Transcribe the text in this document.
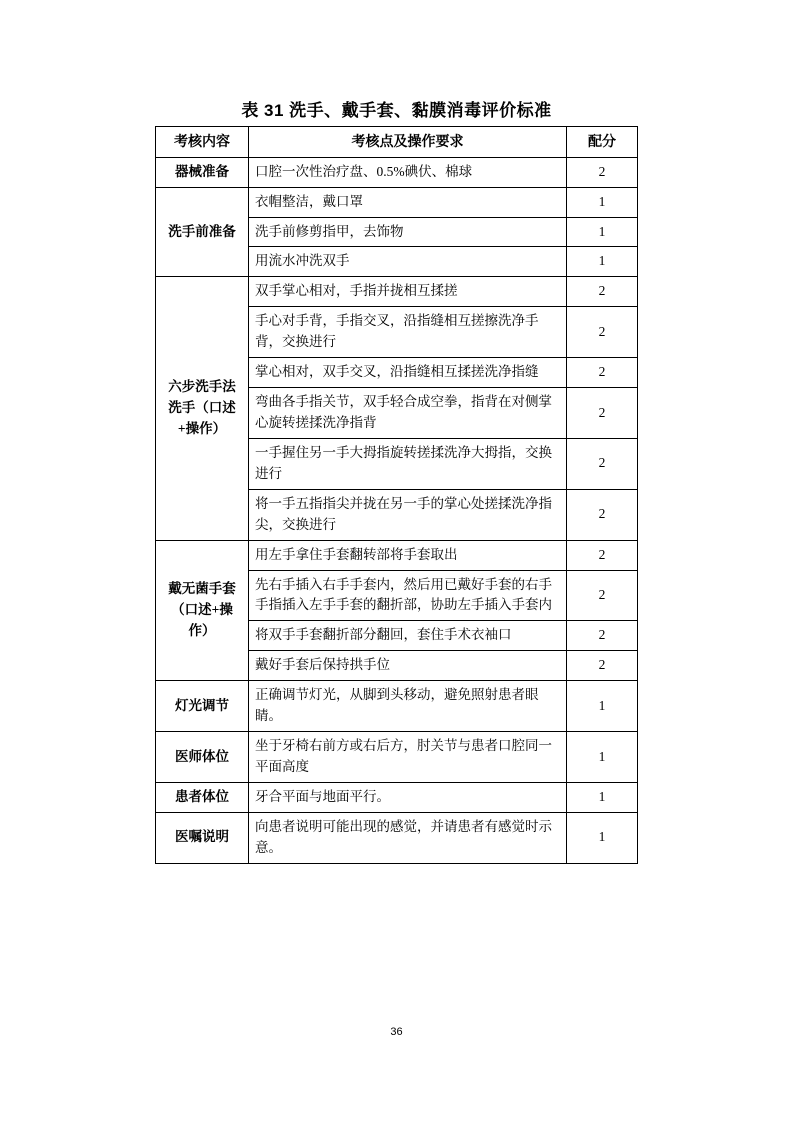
表 31 洗手、戴手套、黏膜消毒评价标准
考核内容	考核点及操作要求	配分
器械准备	口腔一次性治疗盘、0.5%碘伏、棉球	2
洗手前准备	衣帽整洁，戴口罩	1
	洗手前修剪指甲，去饰物	1
	用流水冲洗双手	1
六步洗手法洗手（口述+操作）	双手掌心相对，手指并拢相互揉搓	2
	手心对手背，手指交叉，沿指缝相互搓擦洗净手背，交换进行	2
	掌心相对，双手交叉，沿指缝相互揉搓洗净指缝	2
	弯曲各手指关节，双手轻合成空拳，指背在对侧掌心旋转搓揉洗净指背	2
	一手握住另一手大拇指旋转搓揉洗净大拇指，交换进行	2
	将一手五指指尖并拢在另一手的掌心处搓揉洗净指尖，交换进行	2
戴无菌手套（口述+操作）	用左手拿住手套翻转部将手套取出	2
	先右手插入右手手套内，然后用已戴好手套的右手手指插入左手手套的翻折部，协助左手插入手套内	2
	将双手手套翻折部分翻回，套住手术衣袖口	2
	戴好手套后保持拱手位	2
灯光调节	正确调节灯光，从脚到头移动，避免照射患者眼睛。	1
医师体位	坐于牙椅右前方或右后方，肘关节与患者口腔同一平面高度	1
患者体位	牙合平面与地面平行。	1
医嘱说明	向患者说明可能出现的感觉，并请患者有感觉时示意。	1
36
